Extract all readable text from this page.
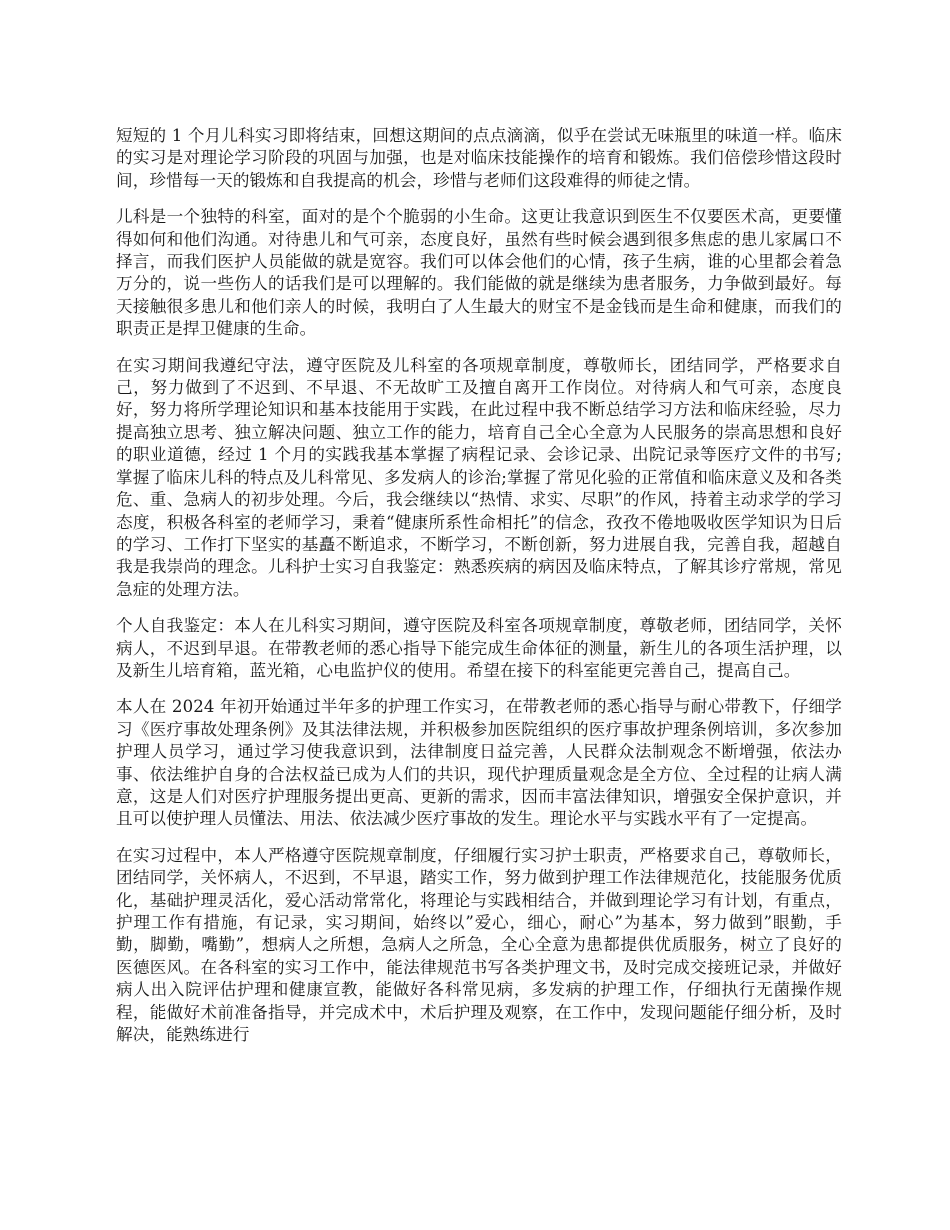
短短的 1 个月儿科实习即将结束，回想这期间的点点滴滴，似乎在尝试无味瓶里的味道一样。临床的实习是对理论学习阶段的巩固与加强，也是对临床技能操作的培育和锻炼。我们倍偿珍惜这段时间，珍惜每一天的锻炼和自我提高的机会，珍惜与老师们这段难得的师徒之情。

儿科是一个独特的科室，面对的是个个脆弱的小生命。这更让我意识到医生不仅要医术高，更要懂得如何和他们沟通。对待患儿和气可亲，态度良好，虽然有些时候会遇到很多焦虑的患儿家属口不择言，而我们医护人员能做的就是宽容。我们可以体会他们的心情，孩子生病，谁的心里都会着急万分的，说一些伤人的话我们是可以理解的。我们能做的就是继续为患者服务，力争做到最好。每天接触很多患儿和他们亲人的时候，我明白了人生最大的财宝不是金钱而是生命和健康，而我们的职责正是捍卫健康的生命。

在实习期间我遵纪守法，遵守医院及儿科室的各项规章制度，尊敬师长，团结同学，严格要求自己，努力做到了不迟到、不早退、不无故旷工及擅自离开工作岗位。对待病人和气可亲，态度良好，努力将所学理论知识和基本技能用于实践，在此过程中我不断总结学习方法和临床经验，尽力提高独立思考、独立解决问题、独立工作的能力，培育自己全心全意为人民服务的崇高思想和良好的职业道德，经过 1 个月的实践我基本掌握了病程记录、会诊记录、出院记录等医疗文件的书写;掌握了临床儿科的特点及儿科常见、多发病人的诊治;掌握了常见化验的正常值和临床意义及和各类危、重、急病人的初步处理。今后，我会继续以“热情、求实、尽职”的作风，持着主动求学的学习态度，积极各科室的老师学习，秉着“健康所系性命相托”的信念，孜孜不倦地吸收医学知识为日后的学习、工作打下坚实的基矗不断追求，不断学习，不断创新，努力进展自我，完善自我，超越自我是我崇尚的理念。儿科护士实习自我鉴定：熟悉疾病的病因及临床特点，了解其诊疗常规，常见急症的处理方法。

个人自我鉴定：本人在儿科实习期间，遵守医院及科室各项规章制度，尊敬老师，团结同学，关怀病人，不迟到早退。在带教老师的悉心指导下能完成生命体征的测量，新生儿的各项生活护理，以及新生儿培育箱，蓝光箱，心电监护仪的使用。希望在接下的科室能更完善自己，提高自己。

本人在 2024 年初开始通过半年多的护理工作实习，在带教老师的悉心指导与耐心带教下，仔细学习《医疗事故处理条例》及其法律法规，并积极参加医院组织的医疗事故护理条例培训，多次参加护理人员学习，通过学习使我意识到，法律制度日益完善，人民群众法制观念不断增强，依法办事、依法维护自身的合法权益已成为人们的共识，现代护理质量观念是全方位、全过程的让病人满意，这是人们对医疗护理服务提出更高、更新的需求，因而丰富法律知识，增强安全保护意识，并且可以使护理人员懂法、用法、依法减少医疗事故的发生。理论水平与实践水平有了一定提高。

在实习过程中，本人严格遵守医院规章制度，仔细履行实习护士职责，严格要求自己，尊敬师长，团结同学，关怀病人，不迟到，不早退，踏实工作，努力做到护理工作法律规范化，技能服务优质化，基础护理灵活化，爱心活动常常化，将理论与实践相结合，并做到理论学习有计划，有重点，护理工作有措施，有记录，实习期间，始终以”爱心，细心，耐心”为基本，努力做到”眼勤，手勤，脚勤，嘴勤”，想病人之所想，急病人之所急，全心全意为患都提供优质服务，树立了良好的医德医风。在各科室的实习工作中，能法律规范书写各类护理文书，及时完成交接班记录，并做好病人出入院评估护理和健康宣教，能做好各科常见病，多发病的护理工作，仔细执行无菌操作规程，能做好术前准备指导，并完成术中，术后护理及观察，在工作中，发现问题能仔细分析，及时解决，能熟练进行
